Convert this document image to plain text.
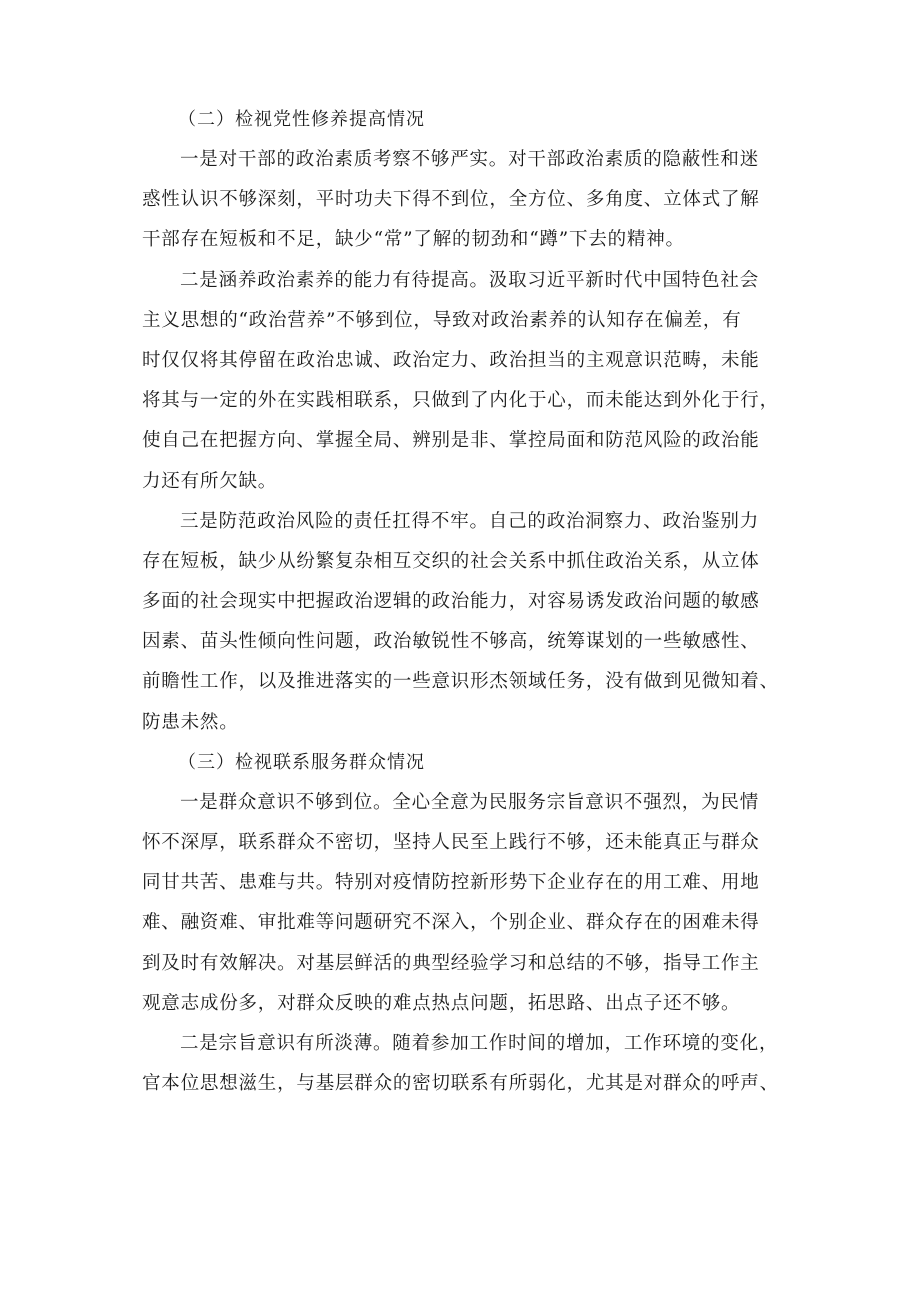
（二）检视党性修养提高情况
一是对干部的政治素质考察不够严实。对干部政治素质的隐蔽性和迷
惑性认识不够深刻，平时功夫下得不到位，全方位、多角度、立体式了解
干部存在短板和不足，缺少“常”了解的韧劲和“蹲”下去的精神。
二是涵养政治素养的能力有待提高。汲取习近平新时代中国特色社会
主义思想的“政治营养”不够到位，导致对政治素养的认知存在偏差，有
时仅仅将其停留在政治忠诚、政治定力、政治担当的主观意识范畴，未能
将其与一定的外在实践相联系，只做到了内化于心，而未能达到外化于行，
使自己在把握方向、掌握全局、辨别是非、掌控局面和防范风险的政治能
力还有所欠缺。
三是防范政治风险的责任扛得不牢。自己的政治洞察力、政治鉴别力
存在短板，缺少从纷繁复杂相互交织的社会关系中抓住政治关系，从立体
多面的社会现实中把握政治逻辑的政治能力，对容易诱发政治问题的敏感
因素、苗头性倾向性问题，政治敏锐性不够高，统筹谋划的一些敏感性、
前瞻性工作，以及推进落实的一些意识形杰领域任务，没有做到见微知着、
防患未然。
（三）检视联系服务群众情况
一是群众意识不够到位。全心全意为民服务宗旨意识不强烈，为民情
怀不深厚，联系群众不密切，坚持人民至上践行不够，还未能真正与群众
同甘共苦、患难与共。特别对疫情防控新形势下企业存在的用工难、用地
难、融资难、审批难等问题研究不深入，个别企业、群众存在的困难未得
到及时有效解决。对基层鲜活的典型经验学习和总结的不够，指导工作主
观意志成份多，对群众反映的难点热点问题，拓思路、出点子还不够。
二是宗旨意识有所淡薄。随着参加工作时间的增加，工作环境的变化，
官本位思想滋生，与基层群众的密切联系有所弱化，尤其是对群众的呼声、
